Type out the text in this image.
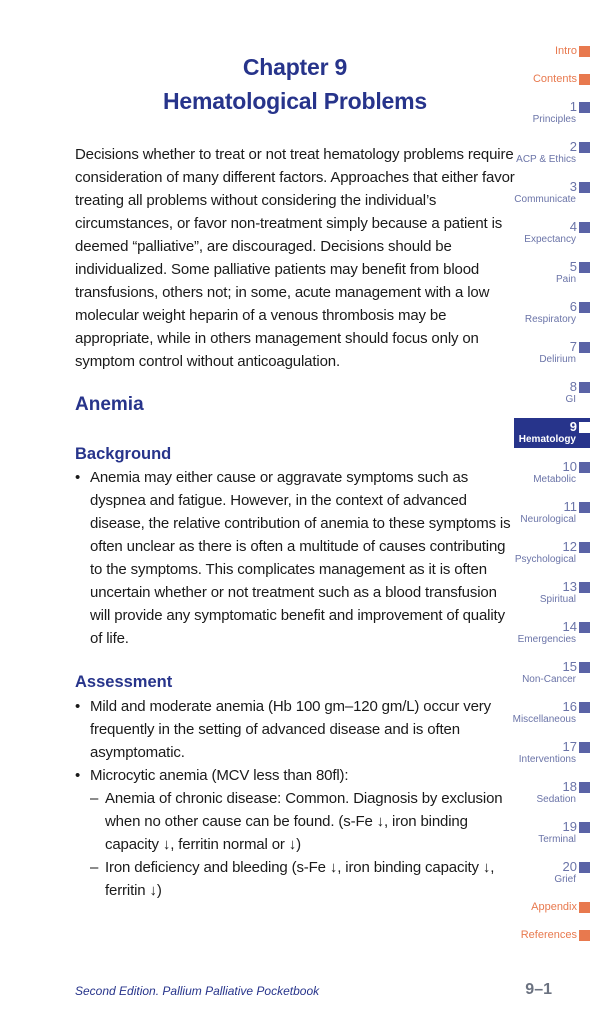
Chapter 9
Hematological Problems

Decisions whether to treat or not treat hematology problems require consideration of many different factors. Approaches that either favor treating all problems without considering the individual’s circumstances, or favor non-treatment simply because a patient is deemed “palliative”, are discouraged. Decisions should be individualized. Some palliative patients may benefit from blood transfusions, others not; in some, acute management with a low molecular weight heparin of a venous thrombosis may be appropriate, while in others management should focus only on symptom control without anticoagulation.

Anemia
Background
• Anemia may either cause or aggravate symptoms such as dyspnea and fatigue. However, in the context of advanced disease, the relative contribution of anemia to these symptoms is often unclear as there is often a multitude of causes contributing to the symptoms. This complicates management as it is often uncertain whether or not treatment such as a blood transfusion will provide any symptomatic benefit and improvement of quality of life.
Assessment
• Mild and moderate anemia (Hb 100 gm–120 gm/L) occur very frequently in the setting of advanced disease and is often asymptomatic.
• Microcytic anemia (MCV less than 80fl):
– Anemia of chronic disease: Common. Diagnosis by exclusion when no other cause can be found. (s-Fe ↓, iron binding capacity ↓, ferritin normal or ↓)
– Iron deficiency and bleeding (s-Fe ↓, iron binding capacity ↓, ferritin ↓)
Intro
Contents
1
Principles
2
ACP & Ethics
3
Communicate
4
Expectancy
5
Pain
6
Respiratory
7
Delirium
8
GI
9
Hematology
10
Metabolic
11
Neurological
12
Psychological
13
Spiritual
14
Emergencies
15
Non-Cancer
16
Miscellaneous
17
Interventions
18
Sedation
19
Terminal
20
Grief
Appendix
References
Second Edition. Pallium Palliative Pocketbook	9–1
